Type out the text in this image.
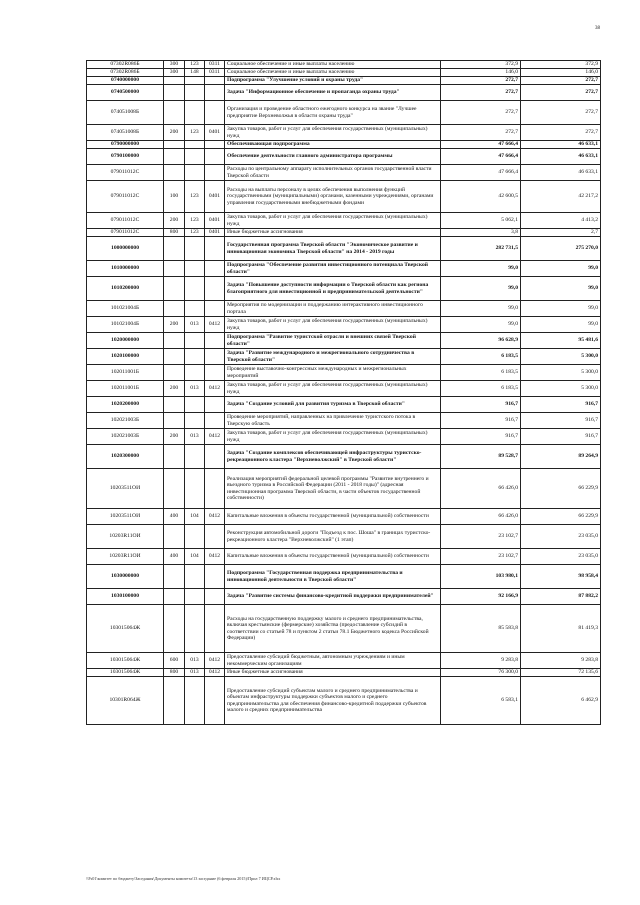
38
07302R086Б	300	123	0311	Социальное обеспечение и иные выплаты населению	372,9	372,9
07302R086Б	300	148	0311	Социальное обеспечение и иные выплаты населению	146,0	146,0
0740000000				Подпрограмма "Улучшение условий и охраны труда"	272,7	272,7
0740500000				Задача "Информационное обеспечение и пропаганда охраны труда"	272,7	272,7
074051008Б				Организация и проведение областного ежегодного конкурса на звание "Лучшее предприятие Верхневолжья в области охраны труда"	272,7	272,7
074051008Б	200	123	0401	Закупка товаров, работ и услуг для обеспечения государственных (муниципальных) нужд	272,7	272,7
0790000000				Обеспечивающая подпрограмма	47 666,4	46 633,1
0790100000				Обеспечение деятельности главного администратора программы	47 666,4	46 633,1
079011012С				Расходы по центральному аппарату исполнительных органов государственной власти Тверской области	47 666,4	46 633,1
079011012С	100	123	0401	Расходы на выплаты персоналу в целях обеспечения выполнения функций государственными (муниципальными) органами, казенными учреждениями, органами управления государственными внебюджетными фондами	42 600,5	42 217,2
079011012С	200	123	0401	Закупка товаров, работ и услуг для обеспечения государственных (муниципальных) нужд	5 062,1	4 413,2
079011012С	800	123	0401	Иные бюджетные ассигнования	3,8	2,7
1000000000				Государственная программа Тверской области "Экономическое развитие и инновационная экономика Тверской области" на 2014 - 2019 годы	282 731,5	275 270,0
1010000000				Подпрограмма "Обеспечение развития инвестиционного потенциала Тверской области"	99,0	99,0
1010200000				Задача "Повышение доступности информации о Тверской области как региона благоприятного для инвестиционной и предпринимательской деятельности"	99,0	99,0
101021004Б				Мероприятия по модернизации и поддержанию интерактивного инвестиционного портала	99,0	99,0
101021004Б	200	013	0412	Закупка товаров, работ и услуг для обеспечения государственных (муниципальных) нужд	99,0	99,0
1020000000				Подпрограмма "Развитие туристской отрасли и внешних связей Тверской области"	96 628,9	95 481,6
1020100000				Задача "Развитие международного и межрегионального сотрудничества в Тверской области"	6 183,5	5 300,0
102011001Б				Проведение выставочно-конгрессных международных и межрегиональных мероприятий	6 183,5	5 300,0
102011001Б	200	013	0412	Закупка товаров, работ и услуг для обеспечения государственных (муниципальных) нужд	6 183,5	5 300,0
1020200000				Задача "Создание условий для развития туризма в Тверской области"	916,7	916,7
102021003Б				Проведение мероприятий, направленных на привлечение туристского потока в Тверскую область	916,7	916,7
102021003Б	200	013	0412	Закупка товаров, работ и услуг для обеспечения государственных (муниципальных) нужд	916,7	916,7
1020300000				Задача "Создание комплексов обеспечивающей инфраструктуры туристско-рекреационного кластера "Верхневолжский" в Тверской области"	89 528,7	89 264,9
10203511ОИ				Реализация мероприятий федеральной целевой программы "Развитие внутреннего и въездного туризма в Российской Федерации (2011 - 2018 годы)" (адресная инвестиционная программа Тверской области, в части объектов государственной собственности)	66 426,0	66 229,9
10203511ОИ	400	104	0412	Капитальные вложения в объекты государственной (муниципальной) собственности	66 426,0	66 229,9
10203R11ОИ				Реконструкция автомобильной дороги "Подъезд к пос. Шоша" в границах туристско-рекреационного кластера "Верхневолжский" (1 этап)	23 102,7	23 035,0
10203R11ОИ	400	104	0412	Капитальные вложения в объекты государственной (муниципальной) собственности	23 102,7	23 035,0
1030000000				Подпрограмма "Государственная поддержка предпринимательства и инновационной деятельности в Тверской области"	103 980,1	98 958,4
1030100000				Задача "Развитие системы финансово-кредитной поддержки предпринимателей"	92 166,9	87 882,2
103015064Ж				Расходы на государственную поддержку малого и среднего предпринимательства, включая крестьянские (фермерские) хозяйства (предоставление субсидий в соответствии со статьей 78 и пунктом 2 статьи 78.1 Бюджетного кодекса Российской Федерации)	85 583,8	81 419,3
103015064Ж	600	013	0412	Предоставление субсидий бюджетным, автономным учреждениям и иным некоммерческим организациям	9 283,8	9 283,8
103015064Ж	800	013	0412	Иные бюджетные ассигнования	76 300,0	72 135,6
10301R064Ж				Предоставление субсидий субъектам малого и среднего предпринимательства и объектам инфраструктуры поддержки субъектов малого и среднего предпринимательства для обеспечения финансово-кредитной поддержки субъектов малого и средних предпринимательства	6 583,1	6 462,9
\\Fs01\комитет по бюджету\Заседания\Документы комитета\13 заседание (6 февраля 2015)\Прил 7 ИЦСР.xlsx
